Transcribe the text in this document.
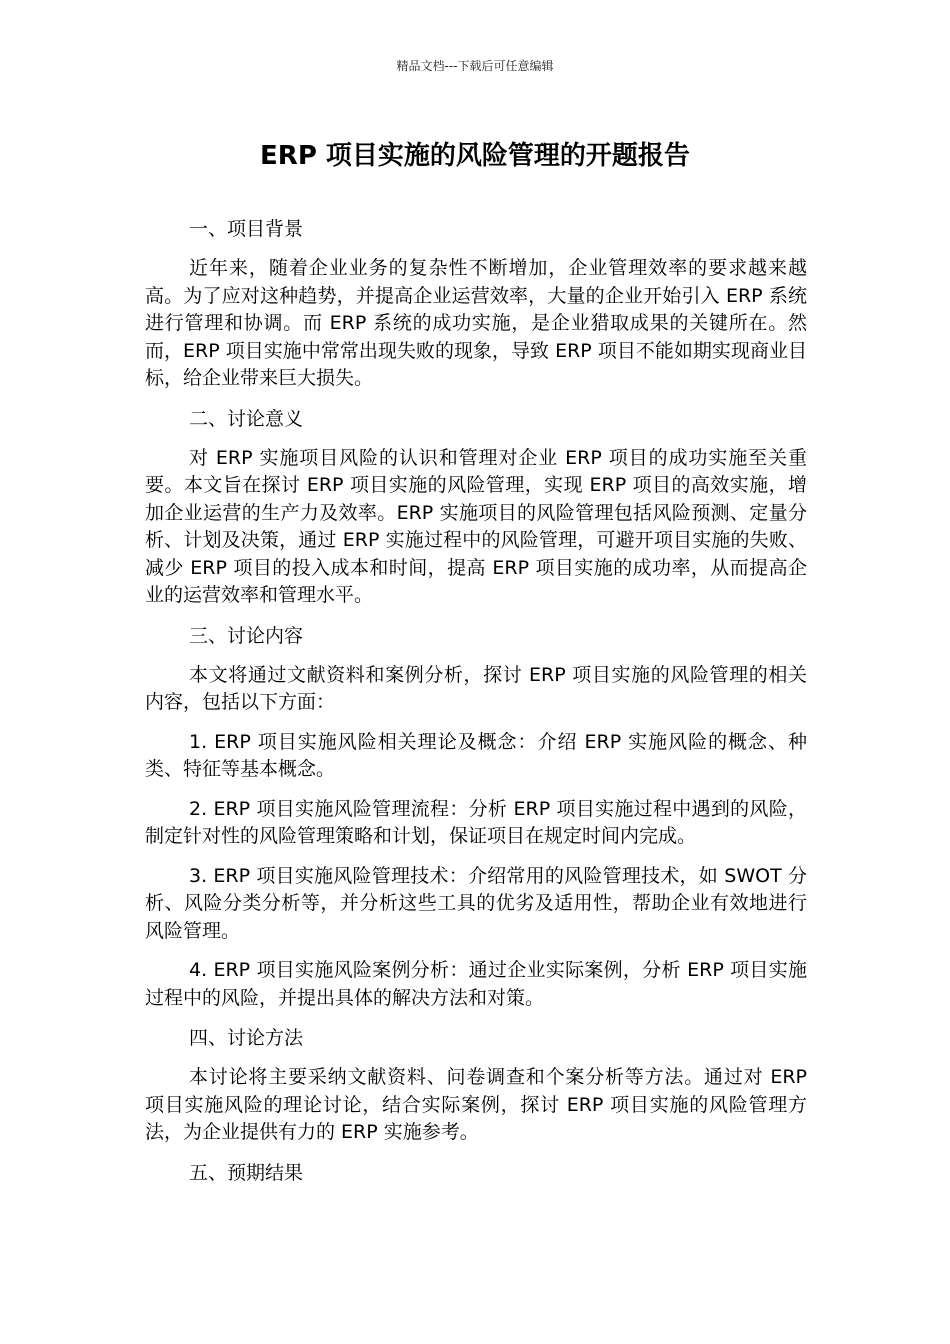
精品文档---下载后可任意编辑
ERP 项目实施的风险管理的开题报告
一、项目背景

近年来，随着企业业务的复杂性不断增加，企业管理效率的要求越来越高。为了应对这种趋势，并提高企业运营效率，大量的企业开始引入 ERP 系统进行管理和协调。而 ERP 系统的成功实施，是企业猎取成果的关键所在。然而，ERP 项目实施中常常出现失败的现象，导致 ERP 项目不能如期实现商业目标，给企业带来巨大损失。

二、讨论意义

对 ERP 实施项目风险的认识和管理对企业 ERP 项目的成功实施至关重要。本文旨在探讨 ERP 项目实施的风险管理，实现 ERP 项目的高效实施，增加企业运营的生产力及效率。ERP 实施项目的风险管理包括风险预测、定量分析、计划及决策，通过 ERP 实施过程中的风险管理，可避开项目实施的失败、减少 ERP 项目的投入成本和时间，提高 ERP 项目实施的成功率，从而提高企业的运营效率和管理水平。

三、讨论内容

本文将通过文献资料和案例分析，探讨 ERP 项目实施的风险管理的相关内容，包括以下方面：

1. ERP 项目实施风险相关理论及概念：介绍 ERP 实施风险的概念、种类、特征等基本概念。

2. ERP 项目实施风险管理流程：分析 ERP 项目实施过程中遇到的风险，制定针对性的风险管理策略和计划，保证项目在规定时间内完成。

3. ERP 项目实施风险管理技术：介绍常用的风险管理技术，如 SWOT 分析、风险分类分析等，并分析这些工具的优劣及适用性，帮助企业有效地进行风险管理。

4. ERP 项目实施风险案例分析：通过企业实际案例，分析 ERP 项目实施过程中的风险，并提出具体的解决方法和对策。

四、讨论方法

本讨论将主要采纳文献资料、问卷调查和个案分析等方法。通过对 ERP 项目实施风险的理论讨论，结合实际案例，探讨 ERP 项目实施的风险管理方法，为企业提供有力的 ERP 实施参考。

五、预期结果
